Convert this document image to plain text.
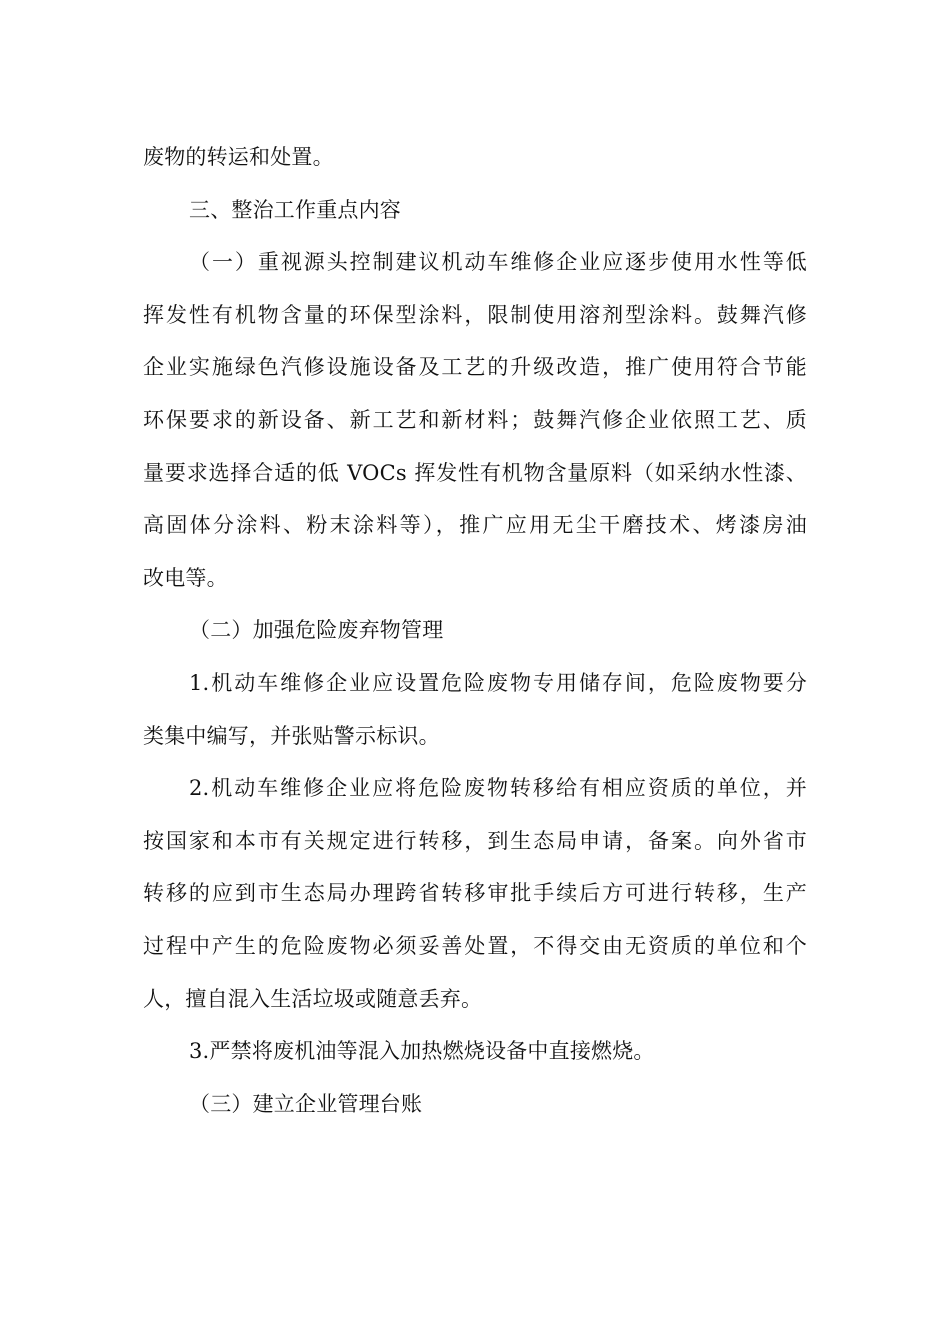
废物的转运和处置。
三、整治工作重点内容
（一）重视源头控制建议机动车维修企业应逐步使用水性等低
挥发性有机物含量的环保型涂料，限制使用溶剂型涂料。鼓舞汽修
企业实施绿色汽修设施设备及工艺的升级改造，推广使用符合节能
环保要求的新设备、新工艺和新材料；鼓舞汽修企业依照工艺、质
量要求选择合适的低 VOCs 挥发性有机物含量原料（如采纳水性漆、
高固体分涂料、粉末涂料等），推广应用无尘干磨技术、烤漆房油
改电等。
（二）加强危险废弃物管理
1.机动车维修企业应设置危险废物专用储存间，危险废物要分
类集中编写，并张贴警示标识。
2.机动车维修企业应将危险废物转移给有相应资质的单位，并
按国家和本市有关规定进行转移，到生态局申请，备案。向外省市
转移的应到市生态局办理跨省转移审批手续后方可进行转移，生产
过程中产生的危险废物必须妥善处置，不得交由无资质的单位和个
人，擅自混入生活垃圾或随意丢弃。
3.严禁将废机油等混入加热燃烧设备中直接燃烧。
（三）建立企业管理台账
